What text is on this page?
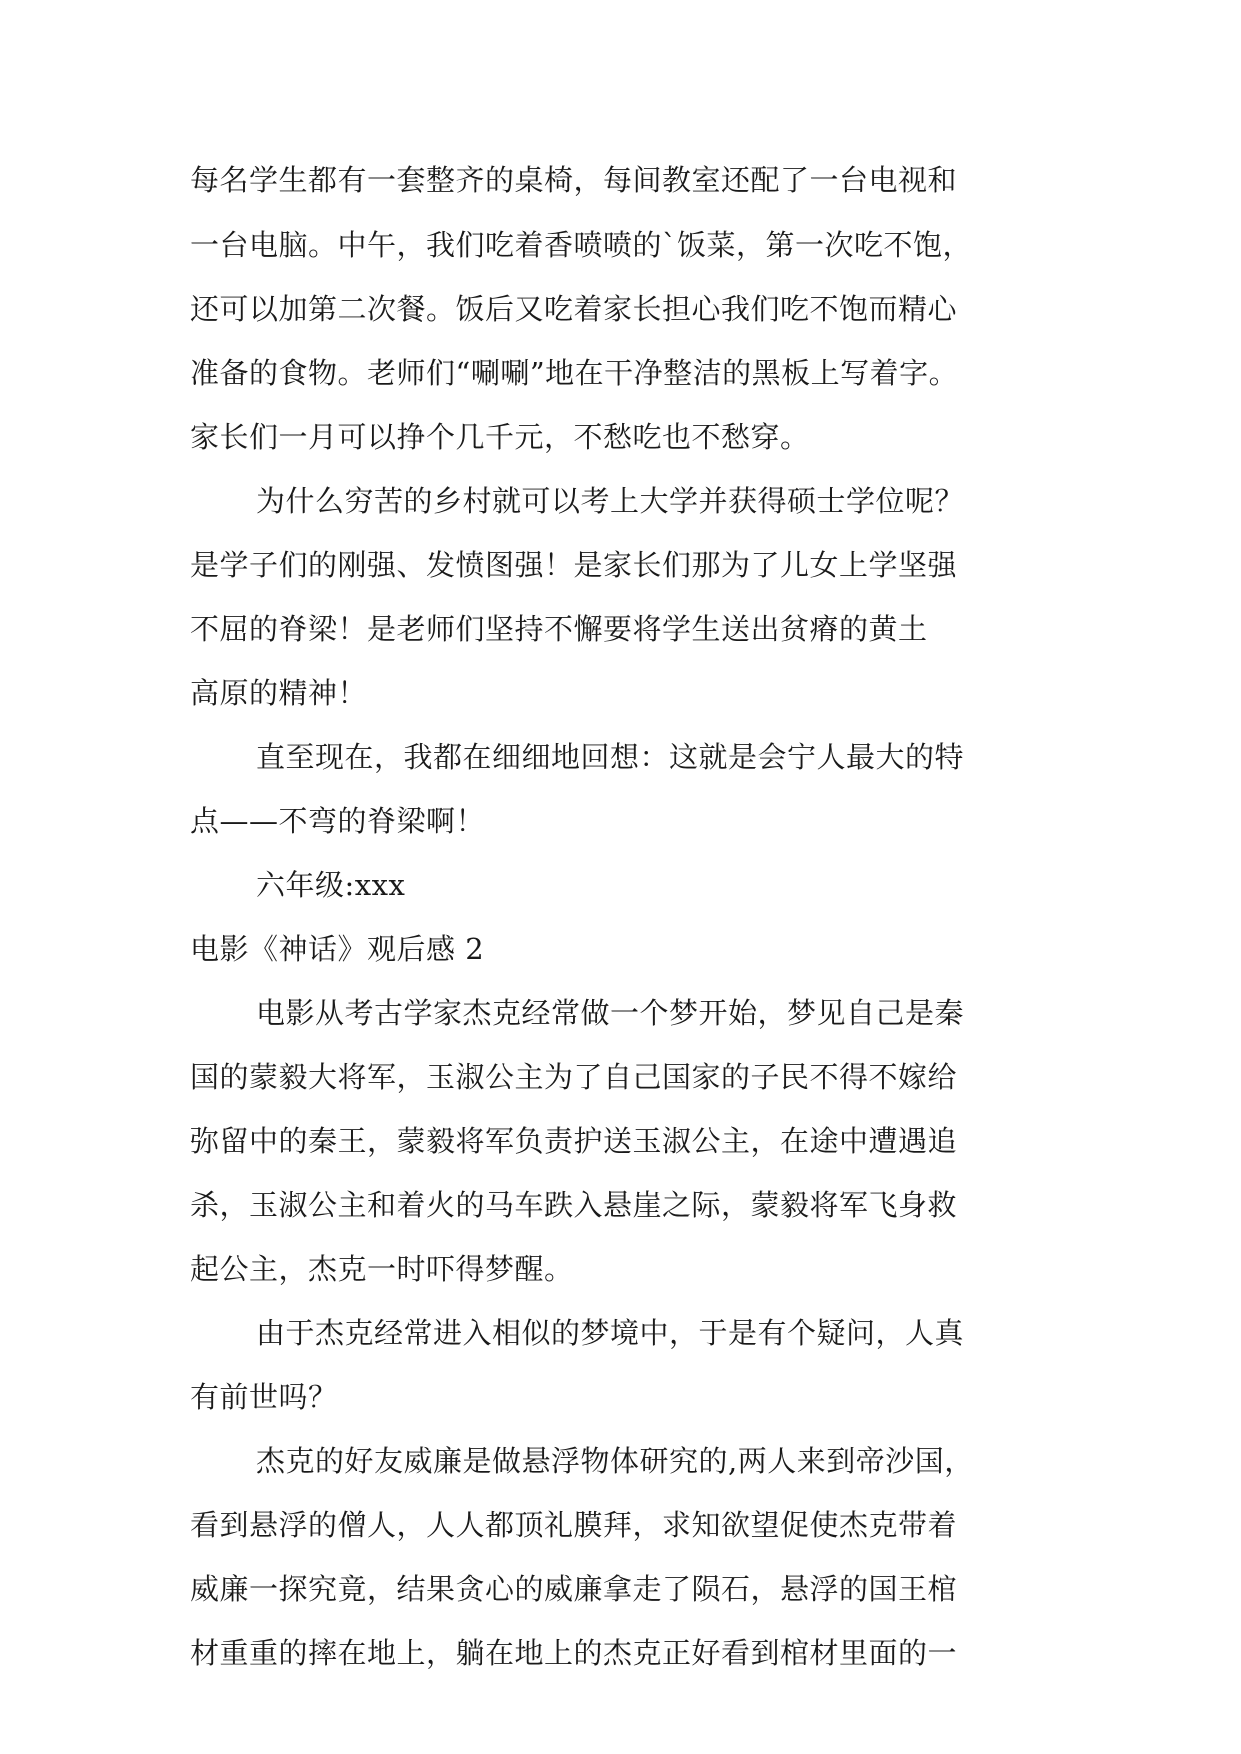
每名学生都有一套整齐的桌椅，每间教室还配了一台电视和

一台电脑。中午，我们吃着香喷喷的`饭菜，第一次吃不饱，

还可以加第二次餐。饭后又吃着家长担心我们吃不饱而精心

准备的食物。老师们“唰唰”地在干净整洁的黑板上写着字。

家长们一月可以挣个几千元，不愁吃也不愁穿。

为什么穷苦的乡村就可以考上大学并获得硕士学位呢？

是学子们的刚强、发愤图强！是家长们那为了儿女上学坚强

不屈的脊梁！是老师们坚持不懈要将学生送出贫瘠的黄土

高原的精神！

直至现在，我都在细细地回想：这就是会宁人最大的特

点——不弯的脊梁啊！

六年级:xxx

电影《神话》观后感 2

电影从考古学家杰克经常做一个梦开始，梦见自己是秦

国的蒙毅大将军，玉淑公主为了自己国家的子民不得不嫁给

弥留中的秦王，蒙毅将军负责护送玉淑公主，在途中遭遇追

杀，玉淑公主和着火的马车跌入悬崖之际，蒙毅将军飞身救

起公主，杰克一时吓得梦醒。

由于杰克经常进入相似的梦境中，于是有个疑问，人真

有前世吗？

杰克的好友威廉是做悬浮物体研究的,两人来到帝沙国，

看到悬浮的僧人，人人都顶礼膜拜，求知欲望促使杰克带着

威廉一探究竟，结果贪心的威廉拿走了陨石，悬浮的国王棺

材重重的摔在地上，躺在地上的杰克正好看到棺材里面的一
